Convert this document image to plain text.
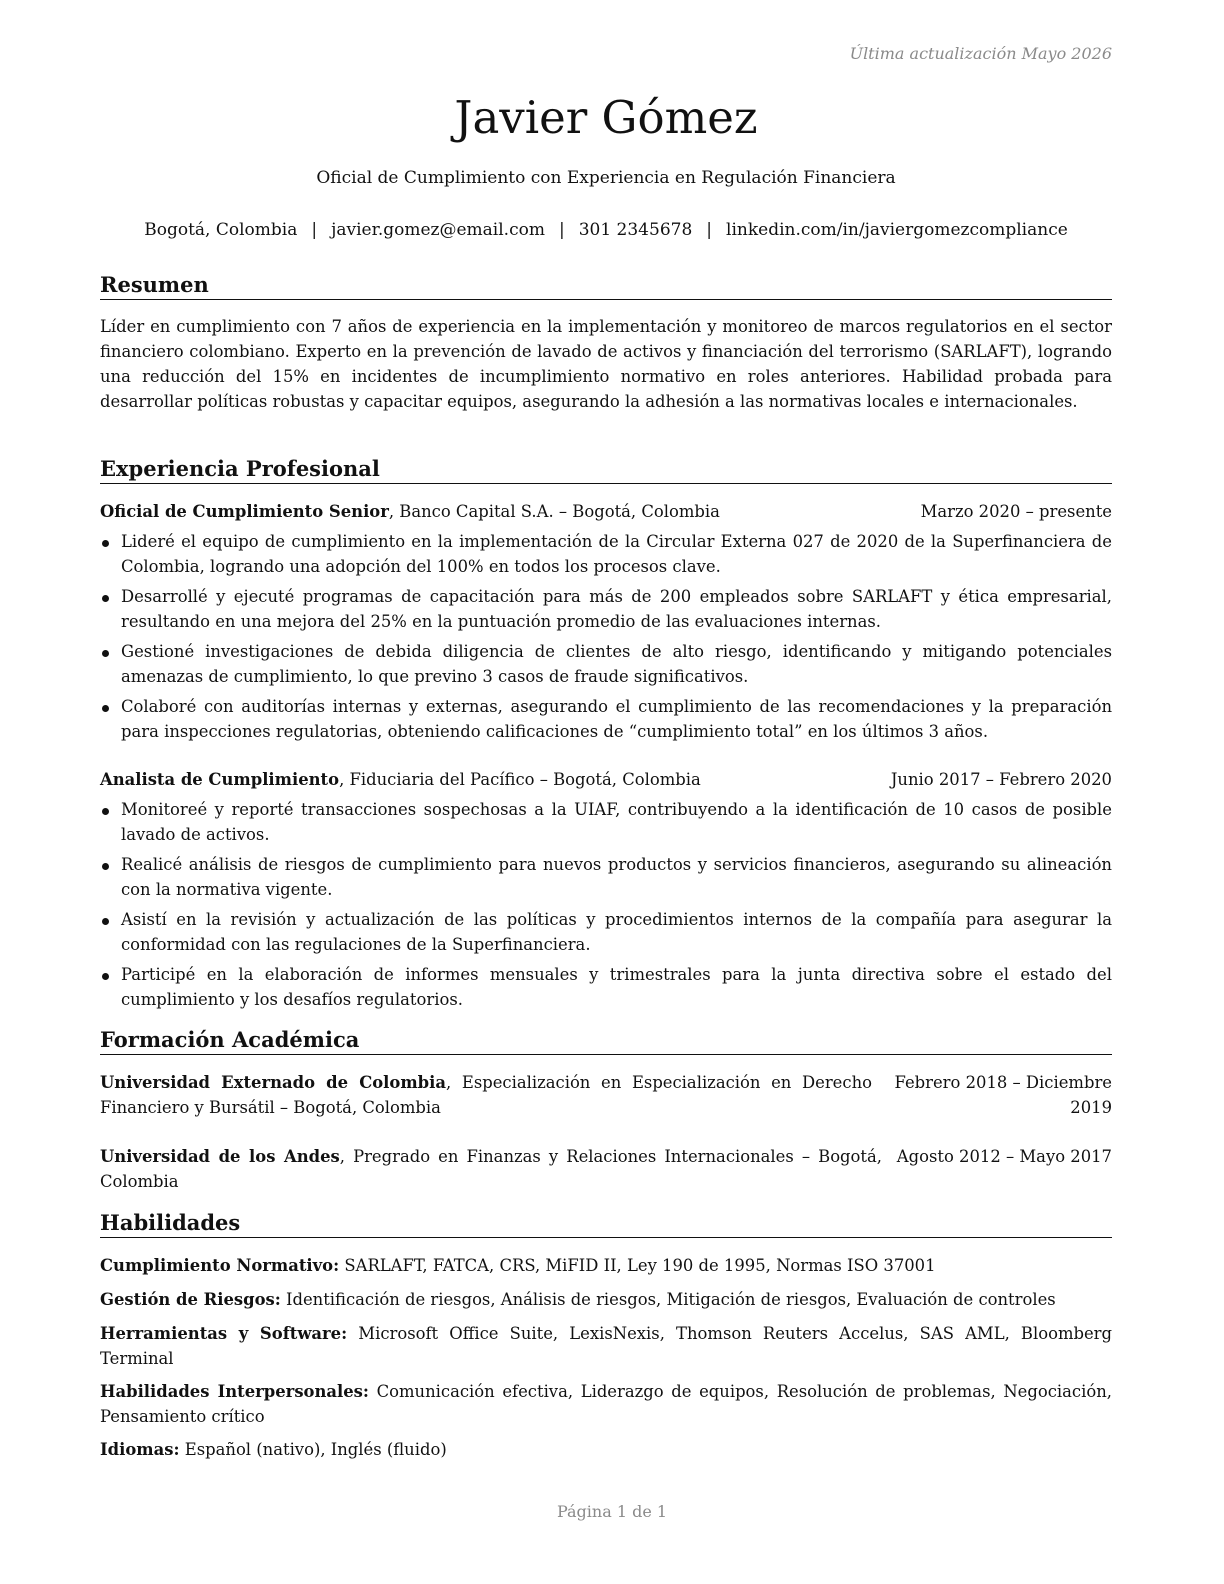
Última actualización Mayo 2026
Javier Gómez
Oficial de Cumplimiento con Experiencia en Regulación Financiera
Bogotá, Colombia | javier.gomez@email.com | 301 2345678 | linkedin.com/in/javiergomezcompliance
Resumen
Líder en cumplimiento con 7 años de experiencia en la implementación y monitoreo de marcos regulatorios en el sector financiero colombiano. Experto en la prevención de lavado de activos y financiación del terrorismo (SARLAFT), logrando una reducción del 15% en incidentes de incumplimiento normativo en roles anteriores. Habilidad probada para desarrollar políticas robustas y capacitar equipos, asegurando la adhesión a las normativas locales e internacionales.
Experiencia Profesional
Oficial de Cumplimiento Senior, Banco Capital S.A. – Bogotá, Colombia	Marzo 2020 – presente
Lideré el equipo de cumplimiento en la implementación de la Circular Externa 027 de 2020 de la Superfinanciera de Colombia, logrando una adopción del 100% en todos los procesos clave.
Desarrollé y ejecuté programas de capacitación para más de 200 empleados sobre SARLAFT y ética empresarial, resultando en una mejora del 25% en la puntuación promedio de las evaluaciones internas.
Gestioné investigaciones de debida diligencia de clientes de alto riesgo, identificando y mitigando potenciales amenazas de cumplimiento, lo que previno 3 casos de fraude significativos.
Colaboré con auditorías internas y externas, asegurando el cumplimiento de las recomendaciones y la preparación para inspecciones regulatorias, obteniendo calificaciones de “cumplimiento total” en los últimos 3 años.
Analista de Cumplimiento, Fiduciaria del Pacífico – Bogotá, Colombia	Junio 2017 – Febrero 2020
Monitoreé y reporté transacciones sospechosas a la UIAF, contribuyendo a la identificación de 10 casos de posible lavado de activos.
Realicé análisis de riesgos de cumplimiento para nuevos productos y servicios financieros, asegurando su alineación con la normativa vigente.
Asistí en la revisión y actualización de las políticas y procedimientos internos de la compañía para asegurar la conformidad con las regulaciones de la Superfinanciera.
Participé en la elaboración de informes mensuales y trimestrales para la junta directiva sobre el estado del cumplimiento y los desafíos regulatorios.
Formación Académica
Universidad Externado de Colombia, Especialización en Especialización en Derecho Financiero y Bursátil – Bogotá, Colombia
Febrero 2018 – Diciembre
2019
Universidad de los Andes, Pregrado en Finanzas y Relaciones Internacionales – Bogotá, Colombia
Agosto 2012 – Mayo 2017
Habilidades
Cumplimiento Normativo: SARLAFT, FATCA, CRS, MiFID II, Ley 190 de 1995, Normas ISO 37001
Gestión de Riesgos: Identificación de riesgos, Análisis de riesgos, Mitigación de riesgos, Evaluación de controles
Herramientas y Software: Microsoft Office Suite, LexisNexis, Thomson Reuters Accelus, SAS AML, Bloomberg Terminal
Habilidades Interpersonales: Comunicación efectiva, Liderazgo de equipos, Resolución de problemas, Negociación, Pensamiento crítico
Idiomas: Español (nativo), Inglés (fluido)
Página 1 de 1
